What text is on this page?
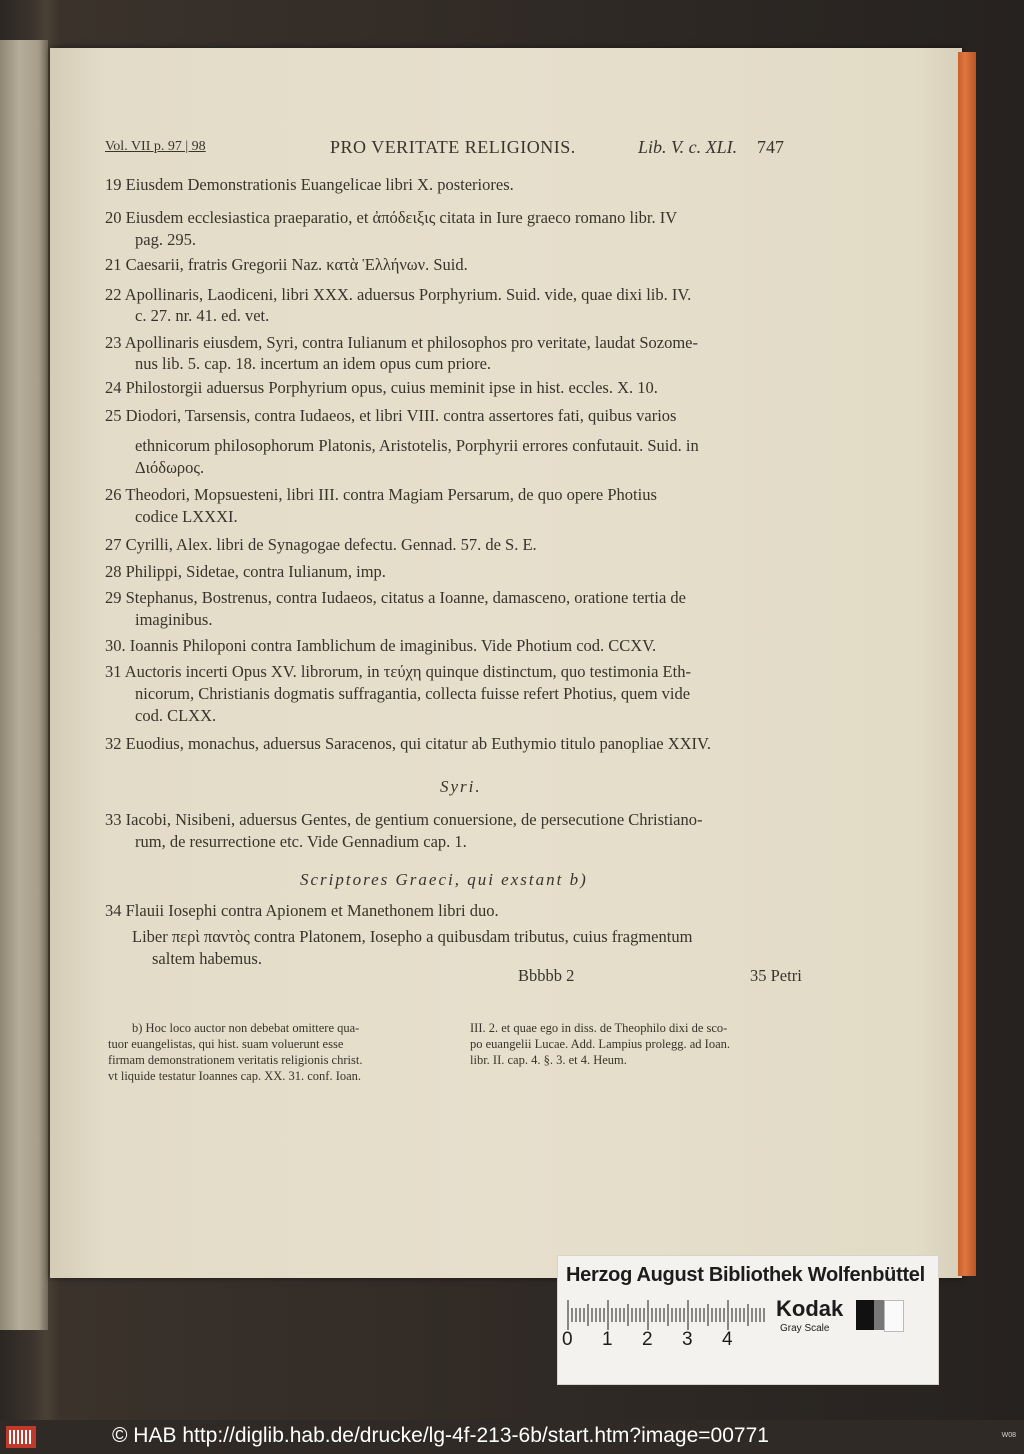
Vol. VII p. 97 | 98	PRO VERITATE RELIGIONIS.	Lib. V. c. XLI. 747
19 Eiusdem Demonstrationis Euangelicae libri X. posteriores.
20 Eiusdem ecclesiastica praeparatio, et ἀπόδειξις citata in Iure graeco romano libr. IV
pag. 295.
21 Caesarii, fratris Gregorii Naz. κατὰ Ἑλλήνων. Suid.
22 Apollinaris, Laodiceni, libri XXX. aduersus Porphyrium. Suid. vide, quae dixi lib. IV.
c. 27. nr. 41. ed. vet.
23 Apollinaris eiusdem, Syri, contra Iulianum et philosophos pro veritate, laudat Sozome-
nus lib. 5. cap. 18. incertum an idem opus cum priore.
24 Philostorgii aduersus Porphyrium opus, cuius meminit ipse in hist. eccles. X. 10.
25 Diodori, Tarsensis, contra Iudaeos, et libri VIII. contra assertores fati, quibus varios
ethnicorum philosophorum Platonis, Aristotelis, Porphyrii errores confutauit. Suid. in
Διόδωρος.
26 Theodori, Mopsuesteni, libri III. contra Magiam Persarum, de quo opere Photius
codice LXXXI.
27 Cyrilli, Alex. libri de Synagogae defectu. Gennad. 57. de S. E.
28 Philippi, Sidetae, contra Iulianum, imp.
29 Stephanus, Bostrenus, contra Iudaeos, citatus a Ioanne, damasceno, oratione tertia de
imaginibus.
30. Ioannis Philoponi contra Iamblichum de imaginibus. Vide Photium cod. CCXV.
31 Auctoris incerti Opus XV. librorum, in τεύχη quinque distinctum, quo testimonia Eth-
nicorum, Christianis dogmatis suffragantia, collecta fuisse refert Photius, quem vide
cod. CLXX.
32 Euodius, monachus, aduersus Saracenos, qui citatur ab Euthymio titulo panopliae XXIV.
Syri.
33 Iacobi, Nisibeni, aduersus Gentes, de gentium conuersione, de persecutione Christiano-
rum, de resurrectione etc. Vide Gennadium cap. 1.
Scriptores Graeci, qui exstant b)
34 Flauii Iosephi contra Apionem et Manethonem libri duo.
Liber περὶ παντὸς contra Platonem, Iosepho a quibusdam tributus, cuius fragmentum
saltem habemus.
Bbbbb 2	35 Petri
b) Hoc loco auctor non debebat omittere qua-
tuor euangelistas, qui hist. suam voluerunt esse
firmam demonstrationem veritatis religionis christ.
vt liquide testatur Ioannes cap. XX. 31. conf. Ioan.
III. 2. et quae ego in diss. de Theophilo dixi de sco-
po euangelii Lucae. Add. Lampius prolegg. ad Ioan.
libr. II. cap. 4. §. 3. et 4. Heum.
Herzog August Bibliothek Wolfenbüttel
0 1 2 3 4
Kodak
Gray Scale
© HAB http://diglib.hab.de/drucke/lg-4f-213-6b/start.htm?image=00771	W08
